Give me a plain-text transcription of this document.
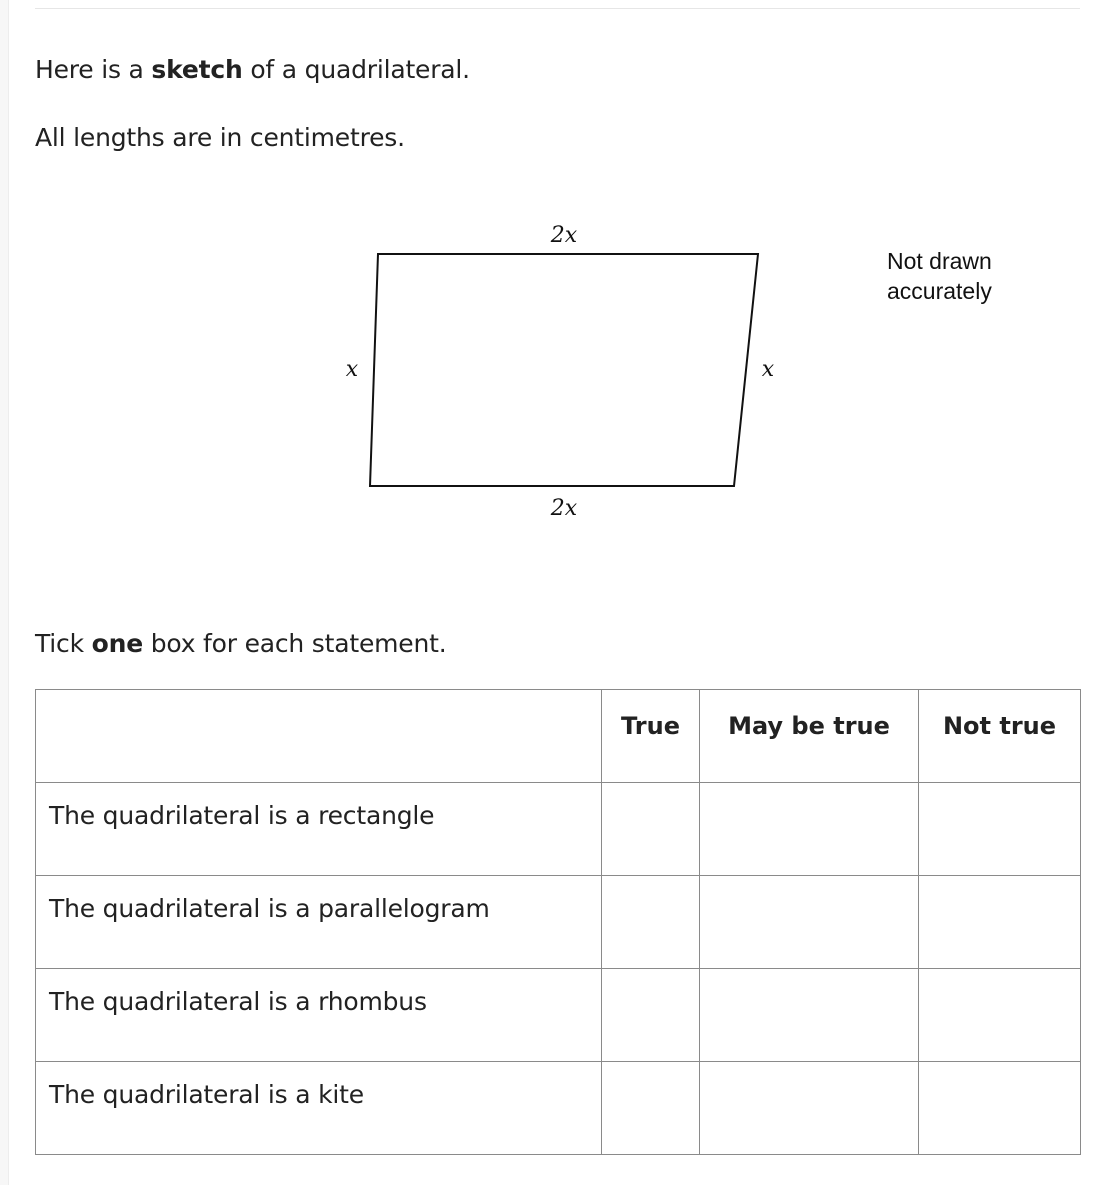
Here is a sketch of a quadrilateral.
All lengths are in centimetres.
2x
2x
x	x
Not drawn
accurately
Tick one box for each statement.
	True	May be true	Not true
The quadrilateral is a rectangle			
The quadrilateral is a parallelogram			
The quadrilateral is a rhombus			
The quadrilateral is a kite			
